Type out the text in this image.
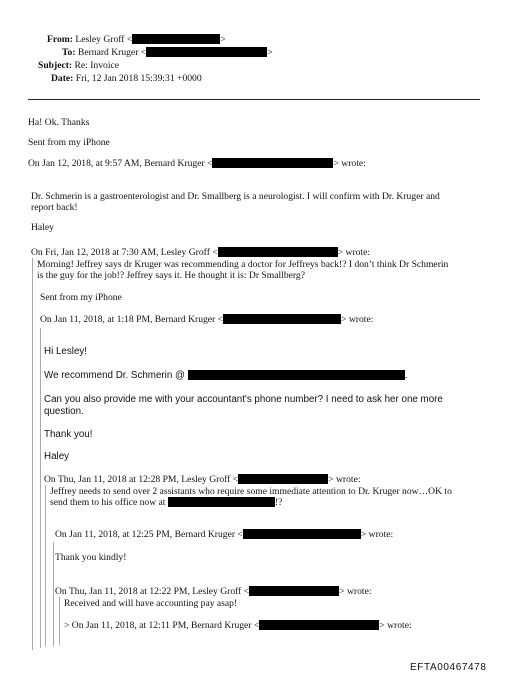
From: Lesley Groff <	>
To: Bernard Kruger <	>
Subject: Re: Invoice
Date: Fri, 12 Jan 2018 15:39:31 +0000
Ha! Ok. Thanks
Sent from my iPhone
On Jan 12, 2018, at 9:57 AM, Bernard Kruger <	> wrote:
Dr. Schmerin is a gastroenterologist and Dr. Smallberg is a neurologist. I will confirm with Dr. Kruger and
report back!
Haley
On Fri, Jan 12, 2018 at 7:30 AM, Lesley Groff <	> wrote:
Morning! Jeffrey says dr Kruger was recommending a doctor for Jeffreys back!? I don’t think Dr Schmerin
is the guy for the job!? Jeffrey says it. He thought it is: Dr Smallberg?
Sent from my iPhone
On Jan 11, 2018, at 1:18 PM, Bernard Kruger <	> wrote:
Hi Lesley!
We recommend Dr. Schmerin @	.
Can you also provide me with your accountant's phone number? I need to ask her one more
question.
Thank you!
Haley
On Thu, Jan 11, 2018 at 12:28 PM, Lesley Groff <	> wrote:
Jeffrey needs to send over 2 assistants who require some immediate attention to Dr. Kruger now…OK to
send them to his office now at	!?
On Jan 11, 2018, at 12:25 PM, Bernard Kruger <	> wrote:
Thank you kindly!
On Thu, Jan 11, 2018 at 12:22 PM, Lesley Groff <	> wrote:
Received and will have accounting pay asap!
> On Jan 11, 2018, at 12:11 PM, Bernard Kruger <	> wrote:
EFTA00467478
